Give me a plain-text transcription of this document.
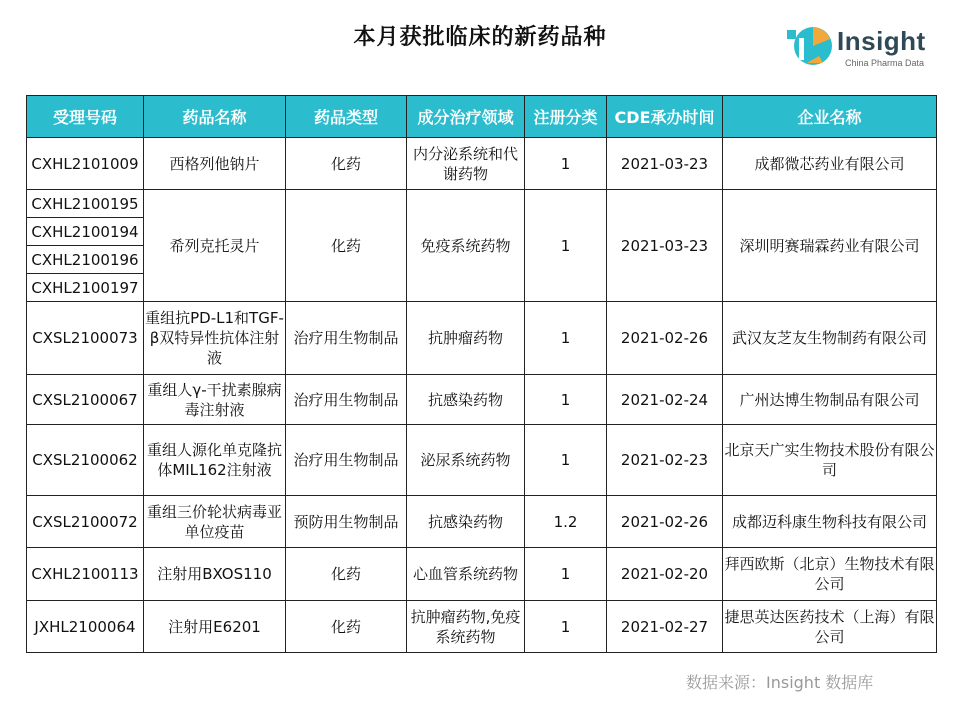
本月获批临床的新药品种	Insight
China Pharma Data
受理号码	药品名称	药品类型	成分治疗领域	注册分类	CDE承办时间	企业名称
CXHL2101009	西格列他钠片	化药	内分泌系统和代谢药物	1	2021-03-23	成都微芯药业有限公司
CXHL2100195	希列克托灵片	化药	免疫系统药物	1	2021-03-23	深圳明赛瑞霖药业有限公司
CXHL2100194						
CXHL2100196						
CXHL2100197						
CXSL2100073	重组抗PD-L1和TGF-β双特异性抗体注射液	治疗用生物制品	抗肿瘤药物	1	2021-02-26	武汉友芝友生物制药有限公司
CXSL2100067	重组人γ-干扰素腺病毒注射液	治疗用生物制品	抗感染药物	1	2021-02-24	广州达博生物制品有限公司
CXSL2100062	重组人源化单克隆抗体MIL162注射液	治疗用生物制品	泌尿系统药物	1	2021-02-23	北京天广实生物技术股份有限公司
CXSL2100072	重组三价轮状病毒亚单位疫苗	预防用生物制品	抗感染药物	1.2	2021-02-26	成都迈科康生物科技有限公司
CXHL2100113	注射用BXOS110	化药	心血管系统药物	1	2021-02-20	拜西欧斯（北京）生物技术有限公司
JXHL2100064	注射用E6201	化药	抗肿瘤药物,免疫系统药物	1	2021-02-27	捷思英达医药技术（上海）有限公司
数据来源：Insight 数据库
